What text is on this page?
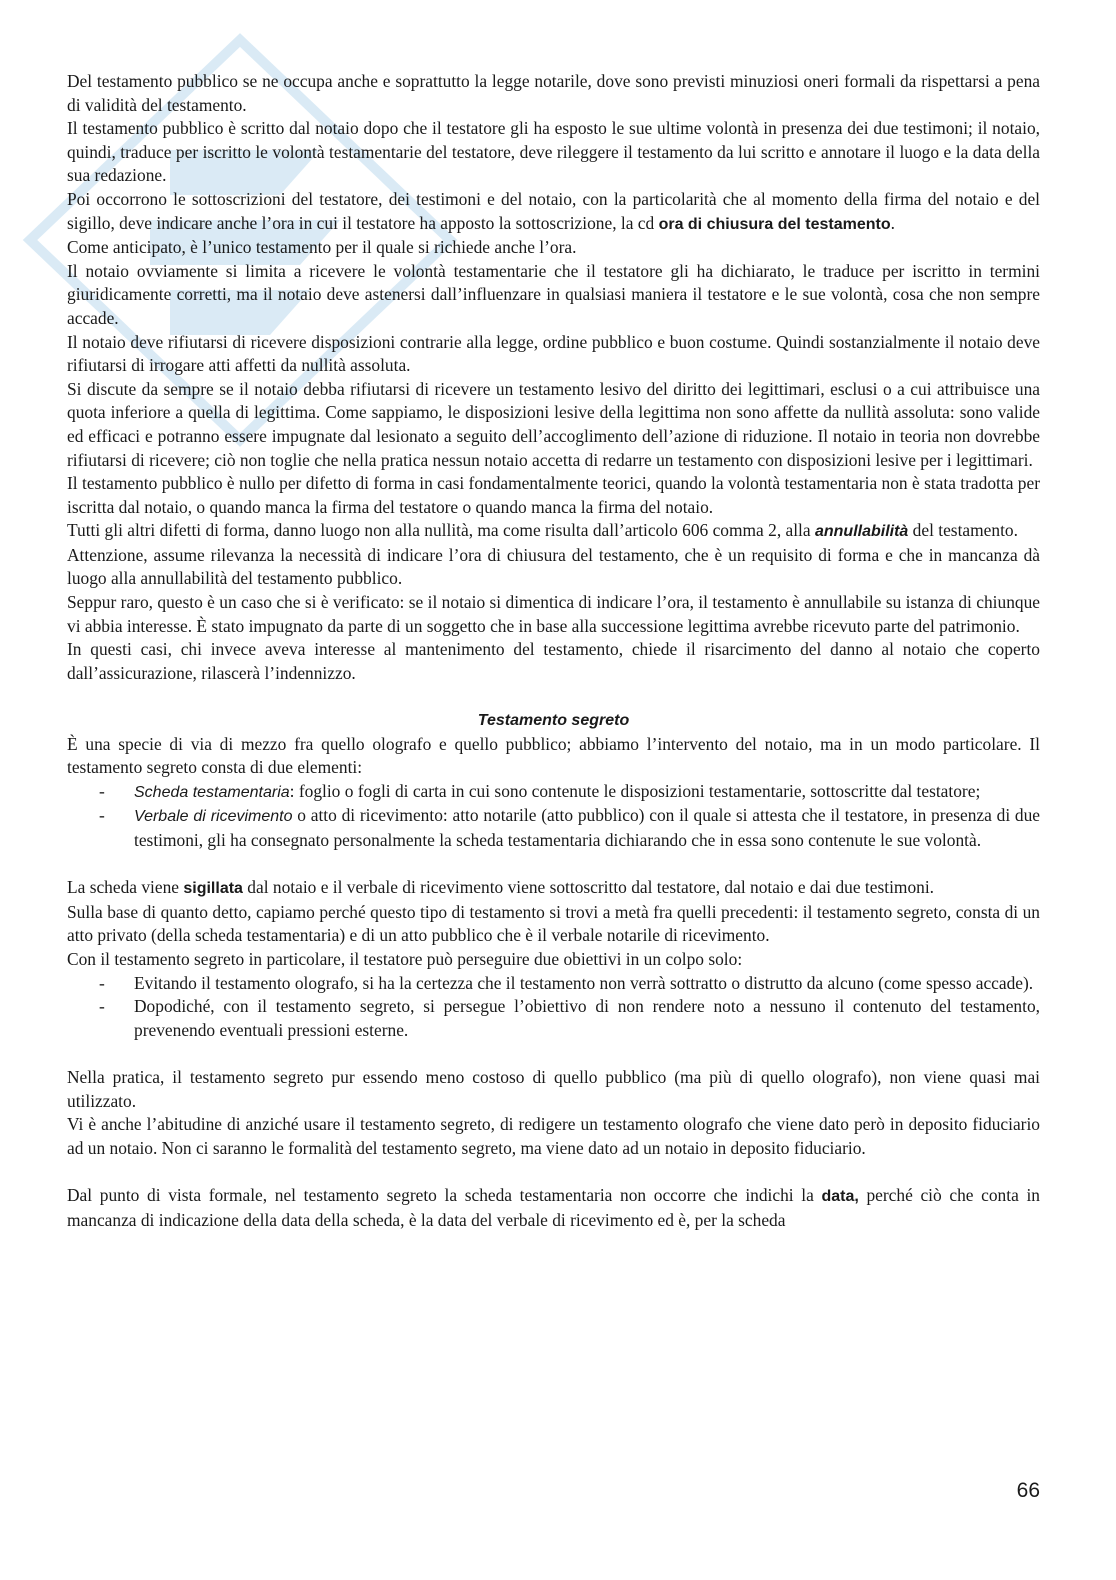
Del testamento pubblico se ne occupa anche e soprattutto la legge notarile, dove sono previsti minuziosi oneri formali da rispettarsi a pena di validità del testamento.

Il testamento pubblico è scritto dal notaio dopo che il testatore gli ha esposto le sue ultime volontà in presenza dei due testimoni; il notaio, quindi, traduce per iscritto le volontà testamentarie del testatore, deve rileggere il testamento da lui scritto e annotare il luogo e la data della sua redazione.

Poi occorrono le sottoscrizioni del testatore, dei testimoni e del notaio, con la particolarità che al momento della firma del notaio e del sigillo, deve indicare anche l’ora in cui il testatore ha apposto la sottoscrizione, la cd ora di chiusura del testamento.

Come anticipato, è l’unico testamento per il quale si richiede anche l’ora.

Il notaio ovviamente si limita a ricevere le volontà testamentarie che il testatore gli ha dichiarato, le traduce per iscritto in termini giuridicamente corretti, ma il notaio deve astenersi dall’influenzare in qualsiasi maniera il testatore e le sue volontà, cosa che non sempre accade.

Il notaio deve rifiutarsi di ricevere disposizioni contrarie alla legge, ordine pubblico e buon costume. Quindi sostanzialmente il notaio deve rifiutarsi di irrogare atti affetti da nullità assoluta.

Si discute da sempre se il notaio debba rifiutarsi di ricevere un testamento lesivo del diritto dei legittimari, esclusi o a cui attribuisce una quota inferiore a quella di legittima. Come sappiamo, le disposizioni lesive della legittima non sono affette da nullità assoluta: sono valide ed efficaci e potranno essere impugnate dal lesionato a seguito dell’accoglimento dell’azione di riduzione. Il notaio in teoria non dovrebbe rifiutarsi di ricevere; ciò non toglie che nella pratica nessun notaio accetta di redarre un testamento con disposizioni lesive per i legittimari.

Il testamento pubblico è nullo per difetto di forma in casi fondamentalmente teorici, quando la volontà testamentaria non è stata tradotta per iscritta dal notaio, o quando manca la firma del testatore o quando manca la firma del notaio.

Tutti gli altri difetti di forma, danno luogo non alla nullità, ma come risulta dall’articolo 606 comma 2, alla annullabilità del testamento.

Attenzione, assume rilevanza la necessità di indicare l’ora di chiusura del testamento, che è un requisito di forma e che in mancanza dà luogo alla annullabilità del testamento pubblico.

Seppur raro, questo è un caso che si è verificato: se il notaio si dimentica di indicare l’ora, il testamento è annullabile su istanza di chiunque vi abbia interesse. È stato impugnato da parte di un soggetto che in base alla successione legittima avrebbe ricevuto parte del patrimonio.

In questi casi, chi invece aveva interesse al mantenimento del testamento, chiede il risarcimento del danno al notaio che coperto dall’assicurazione, rilascerà l’indennizzo.

Testamento segreto

È una specie di via di mezzo fra quello olografo e quello pubblico; abbiamo l’intervento del notaio, ma in un modo particolare. Il testamento segreto consta di due elementi:

- Scheda testamentaria: foglio o fogli di carta in cui sono contenute le disposizioni testamentarie, sottoscritte dal testatore;
- Verbale di ricevimento o atto di ricevimento: atto notarile (atto pubblico) con il quale si attesta che il testatore, in presenza di due testimoni, gli ha consegnato personalmente la scheda testamentaria dichiarando che in essa sono contenute le sue volontà.

La scheda viene sigillata dal notaio e il verbale di ricevimento viene sottoscritto dal testatore, dal notaio e dai due testimoni.

Sulla base di quanto detto, capiamo perché questo tipo di testamento si trovi a metà fra quelli precedenti: il testamento segreto, consta di un atto privato (della scheda testamentaria) e di un atto pubblico che è il verbale notarile di ricevimento.

Con il testamento segreto in particolare, il testatore può perseguire due obiettivi in un colpo solo:

- Evitando il testamento olografo, si ha la certezza che il testamento non verrà sottratto o distrutto da alcuno (come spesso accade).
- Dopodiché, con il testamento segreto, si persegue l’obiettivo di non rendere noto a nessuno il contenuto del testamento, prevenendo eventuali pressioni esterne.

Nella pratica, il testamento segreto pur essendo meno costoso di quello pubblico (ma più di quello olografo), non viene quasi mai utilizzato.

Vi è anche l’abitudine di anziché usare il testamento segreto, di redigere un testamento olografo che viene dato però in deposito fiduciario ad un notaio. Non ci saranno le formalità del testamento segreto, ma viene dato ad un notaio in deposito fiduciario.

Dal punto di vista formale, nel testamento segreto la scheda testamentaria non occorre che indichi la data, perché ciò che conta in mancanza di indicazione della data della scheda, è la data del verbale di ricevimento ed è, per la scheda

66
